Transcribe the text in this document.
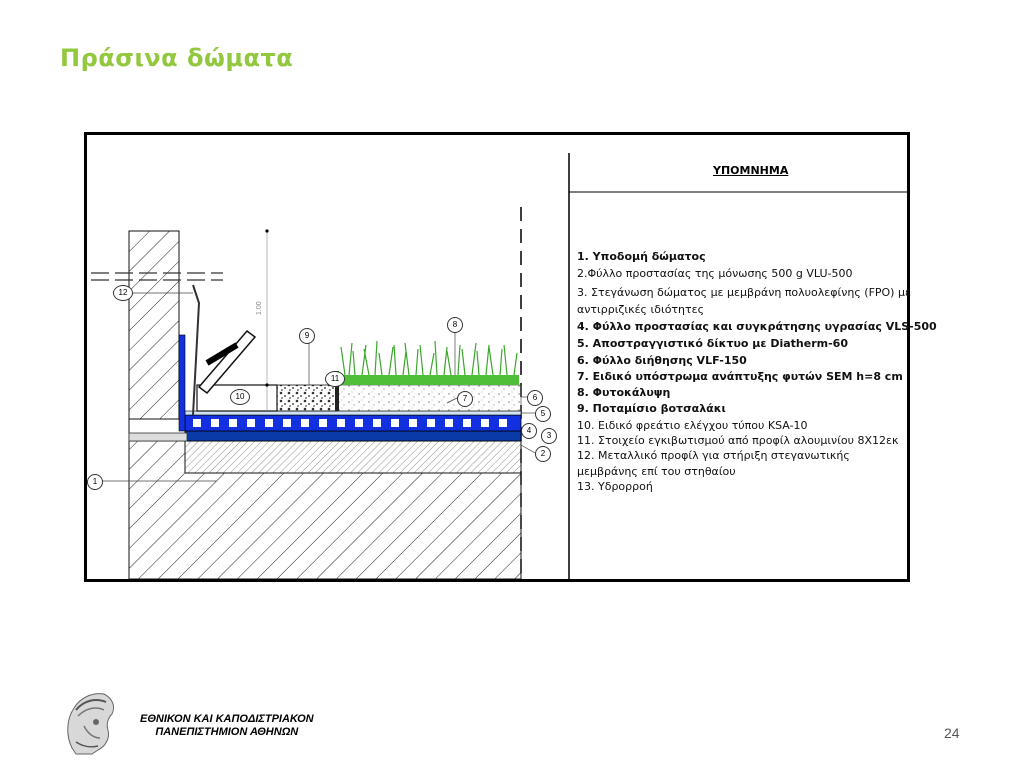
Πράσινα δώματα
1.00
1
2
3
4
5
6
7
8
9
10
11
12
ΥΠΟΜΝΗΜΑ
1. Υποδομή δώματος
2.Φύλλο προστασίας της μόνωσης 500 g VLU-500
3. Στεγάνωση δώματος με μεμβράνη πολυολεφίνης (FPO) με
αντιρριζικές ιδιότητες
4. Φύλλο προστασίας και συγκράτησης υγρασίας VLS-500
5. Αποστραγγιστικό δίκτυο με Diatherm-60
6. Φύλλο διήθησης VLF-150
7. Ειδικό υπόστρωμα ανάπτυξης φυτών SEM h=8 cm
8. Φυτοκάλυψη
9. Ποταμίσιο βοτσαλάκι
10. Ειδικό φρεάτιο ελέγχου τύπου KSA-10
11. Στοιχείο εγκιβωτισμού από προφίλ αλουμινίου 8Χ12εκ
12. Μεταλλικό προφίλ για στήριξη στεγανωτικής
μεμβράνης επί του στηθαίου
13. Υδρορροή
ΕΘΝΙΚΟΝ ΚΑΙ ΚΑΠΟΔΙΣΤΡΙΑΚΟΝ
ΠΑΝΕΠΙΣΤΗΜΙΟΝ ΑΘΗΝΩΝ	24
